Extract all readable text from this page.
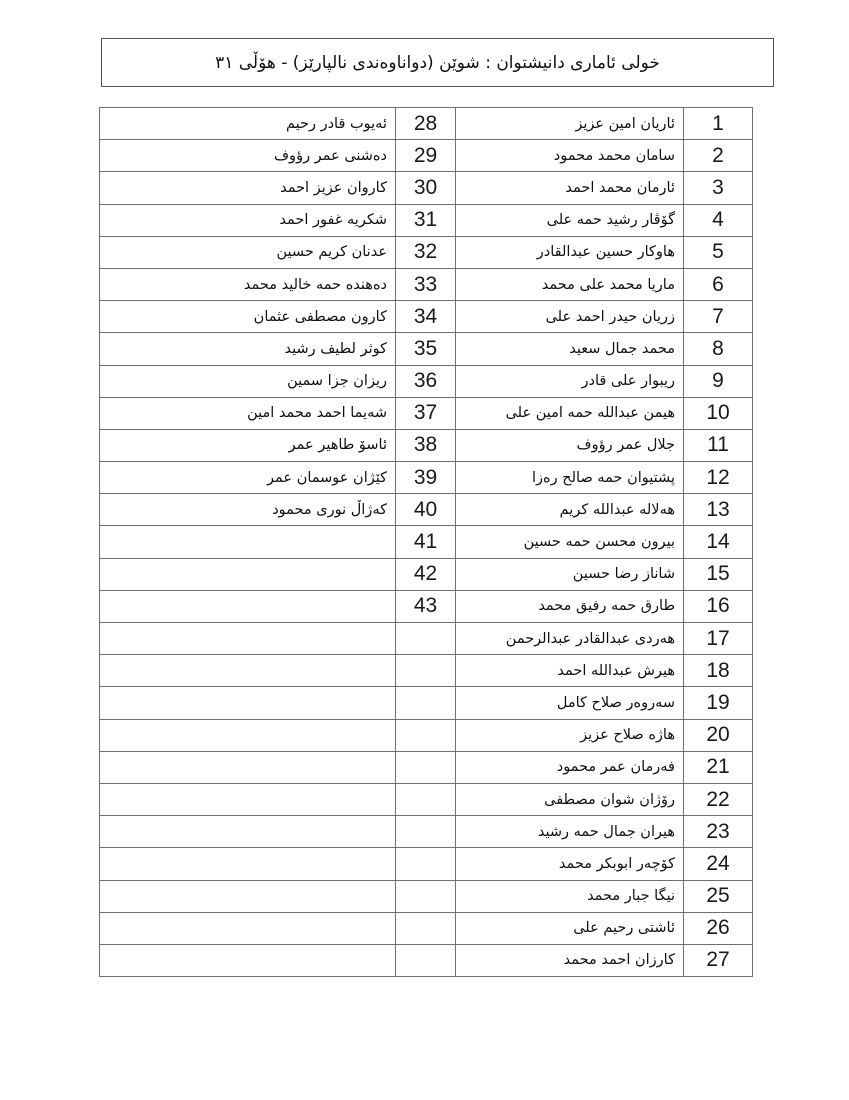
خولی ئاماری دانیشتوان : شوێن (دواناوەندی نالپارێز) - هۆڵی ٣١
ئەیوب قادر رحیم	28	ئاریان امین عزیز	1
دەشنی عمر رؤوف	29	سامان محمد محمود	2
کاروان عزیز احمد	30	ئارمان محمد احمد	3
شکریه غفور احمد	31	گۆڤار رشید حمه علی	4
عدنان کریم حسین	32	هاوکار حسین عبدالقادر	5
دەهندە حمه خالید محمد	33	ماریا محمد علی محمد	6
کارون مصطفی عثمان	34	زریان حیدر احمد علی	7
کوثر لطیف رشید	35	محمد جمال سعید	8
ریزان جزا سمین	36	ریبوار علی قادر	9
شەیما احمد محمد امین	37	هیمن عبدالله حمه امین علی	10
ئاسۆ طاهیر عمر	38	جلال عمر رؤوف	11
کێژان عوسمان عمر	39	پشتیوان حمه صالح رەزا	12
کەژاڵ نوری محمود	40	هەلاله عبدالله کریم	13
	41	بیرون محسن حمه حسین	14
	42	شاناز رضا حسین	15
	43	طارق حمه رفیق محمد	16
		هەردی عبدالقادر عبدالرحمن	17
		هیرش عبدالله احمد	18
		سەروەر صلاح کامل	19
		هاژە صلاح عزیز	20
		فەرمان عمر محمود	21
		رۆژان شوان مصطفی	22
		هیران جمال حمه رشید	23
		کۆچەر ابوبکر محمد	24
		نیگا جبار محمد	25
		ئاشتی رحیم علی	26
		کارزان احمد محمد	27
